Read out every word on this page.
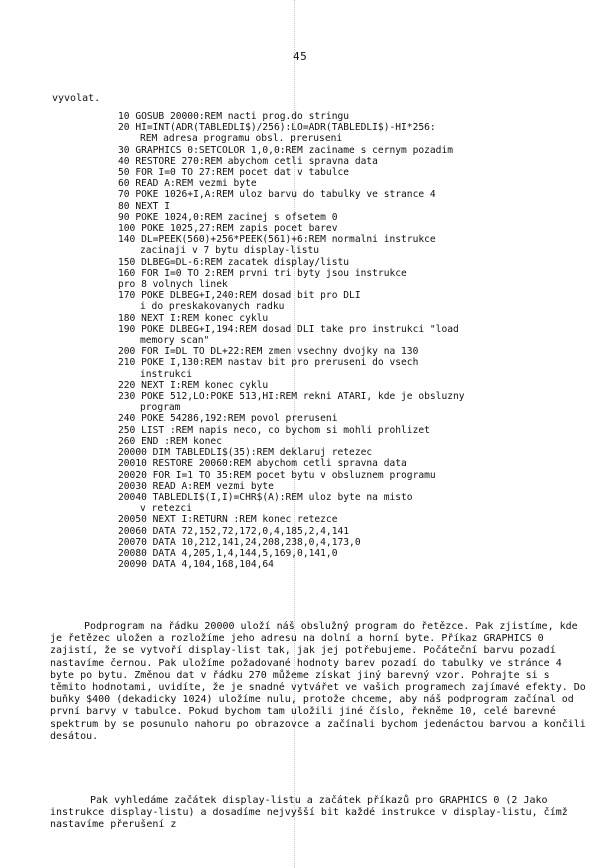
45
vyvolat.
10 GOSUB 20000:REM nacti prog.do stringu
20 HI=INT(ADR(TABLEDLI$)/256):LO=ADR(TABLEDLI$)-HI*256:
REM adresa programu obsl. preruseni
30 GRAPHICS 0:SETCOLOR 1,0,0:REM zaciname s cernym pozadim
40 RESTORE 270:REM abychom cetli spravna data
50 FOR I=0 TO 27:REM pocet dat v tabulce
60 READ A:REM vezmi byte
70 POKE 1026+I,A:REM uloz barvu do tabulky ve strance 4
80 NEXT I
90 POKE 1024,0:REM zacinej s ofsetem 0
100 POKE 1025,27:REM zapis pocet barev
140 DL=PEEK(560)+256*PEEK(561)+6:REM normalni instrukce
zacinaji v 7 bytu display-listu
150 DLBEG=DL-6:REM zacatek display/listu
160 FOR I=0 TO 2:REM prvni tri byty jsou instrukce
pro 8 volnych linek
170 POKE DLBEG+I,240:REM dosad bit pro DLI
i do preskakovanych radku
180 NEXT I:REM konec cyklu
190 POKE DLBEG+I,194:REM dosad DLI take pro instrukci "load
memory scan"
200 FOR I=DL TO DL+22:REM zmen vsechny dvojky na 130
210 POKE I,130:REM nastav bit pro preruseni do vsech
instrukci
220 NEXT I:REM konec cyklu
230 POKE 512,LO:POKE 513,HI:REM rekni ATARI, kde je obsluzny
program
240 POKE 54286,192:REM povol preruseni
250 LIST :REM napis neco, co bychom si mohli prohlizet
260 END :REM konec
20000 DIM TABLEDLI$(35):REM deklaruj retezec
20010 RESTORE 20060:REM abychom cetli spravna data
20020 FOR I=1 TO 35:REM pocet bytu v obsluznem programu
20030 READ A:REM vezmi byte
20040 TABLEDLI$(I,I)=CHR$(A):REM uloz byte na misto
v retezci
20050 NEXT I:RETURN :REM konec retezce
20060 DATA 72,152,72,172,0,4,185,2,4,141
20070 DATA 10,212,141,24,208,238,0,4,173,0
20080 DATA 4,205,1,4,144,5,169,0,141,0
20090 DATA 4,104,168,104,64

Podprogram na řádku 20000 uloží náš obslužný program do řetězce. Pak zjistíme, kde je řetězec uložen a rozložíme jeho adresu na dolní a horní byte. Příkaz GRAPHICS 0 zajistí, že se vytvoří display-list tak, jak jej potřebujeme. Počáteční barvu pozadí nastavíme černou. Pak uložíme požadované hodnoty barev pozadí do tabulky ve stránce 4 byte po bytu. Změnou dat v řádku 270 můžeme získat jiný barevný vzor. Pohrajte si s těmito hodnotami, uvidíte, že je snadné vytvářet ve vašich programech zajímavé efekty. Do buňky $400 (dekadicky 1024) uložíme nulu, protože chceme, aby náš podprogram začínal od první barvy v tabulce. Pokud bychom tam uložili jiné číslo, řekněme 10, celé barevné spektrum by se posunulo nahoru po obrazovce a začínali bychom jedenáctou barvou a končili desátou.

Pak vyhledáme začátek display-listu a začátek příkazů pro GRAPHICS 0 (2 Jako instrukce display-listu) a dosadíme nejvyšší bit každé instrukce v display-listu, čímž nastavíme přerušení z
